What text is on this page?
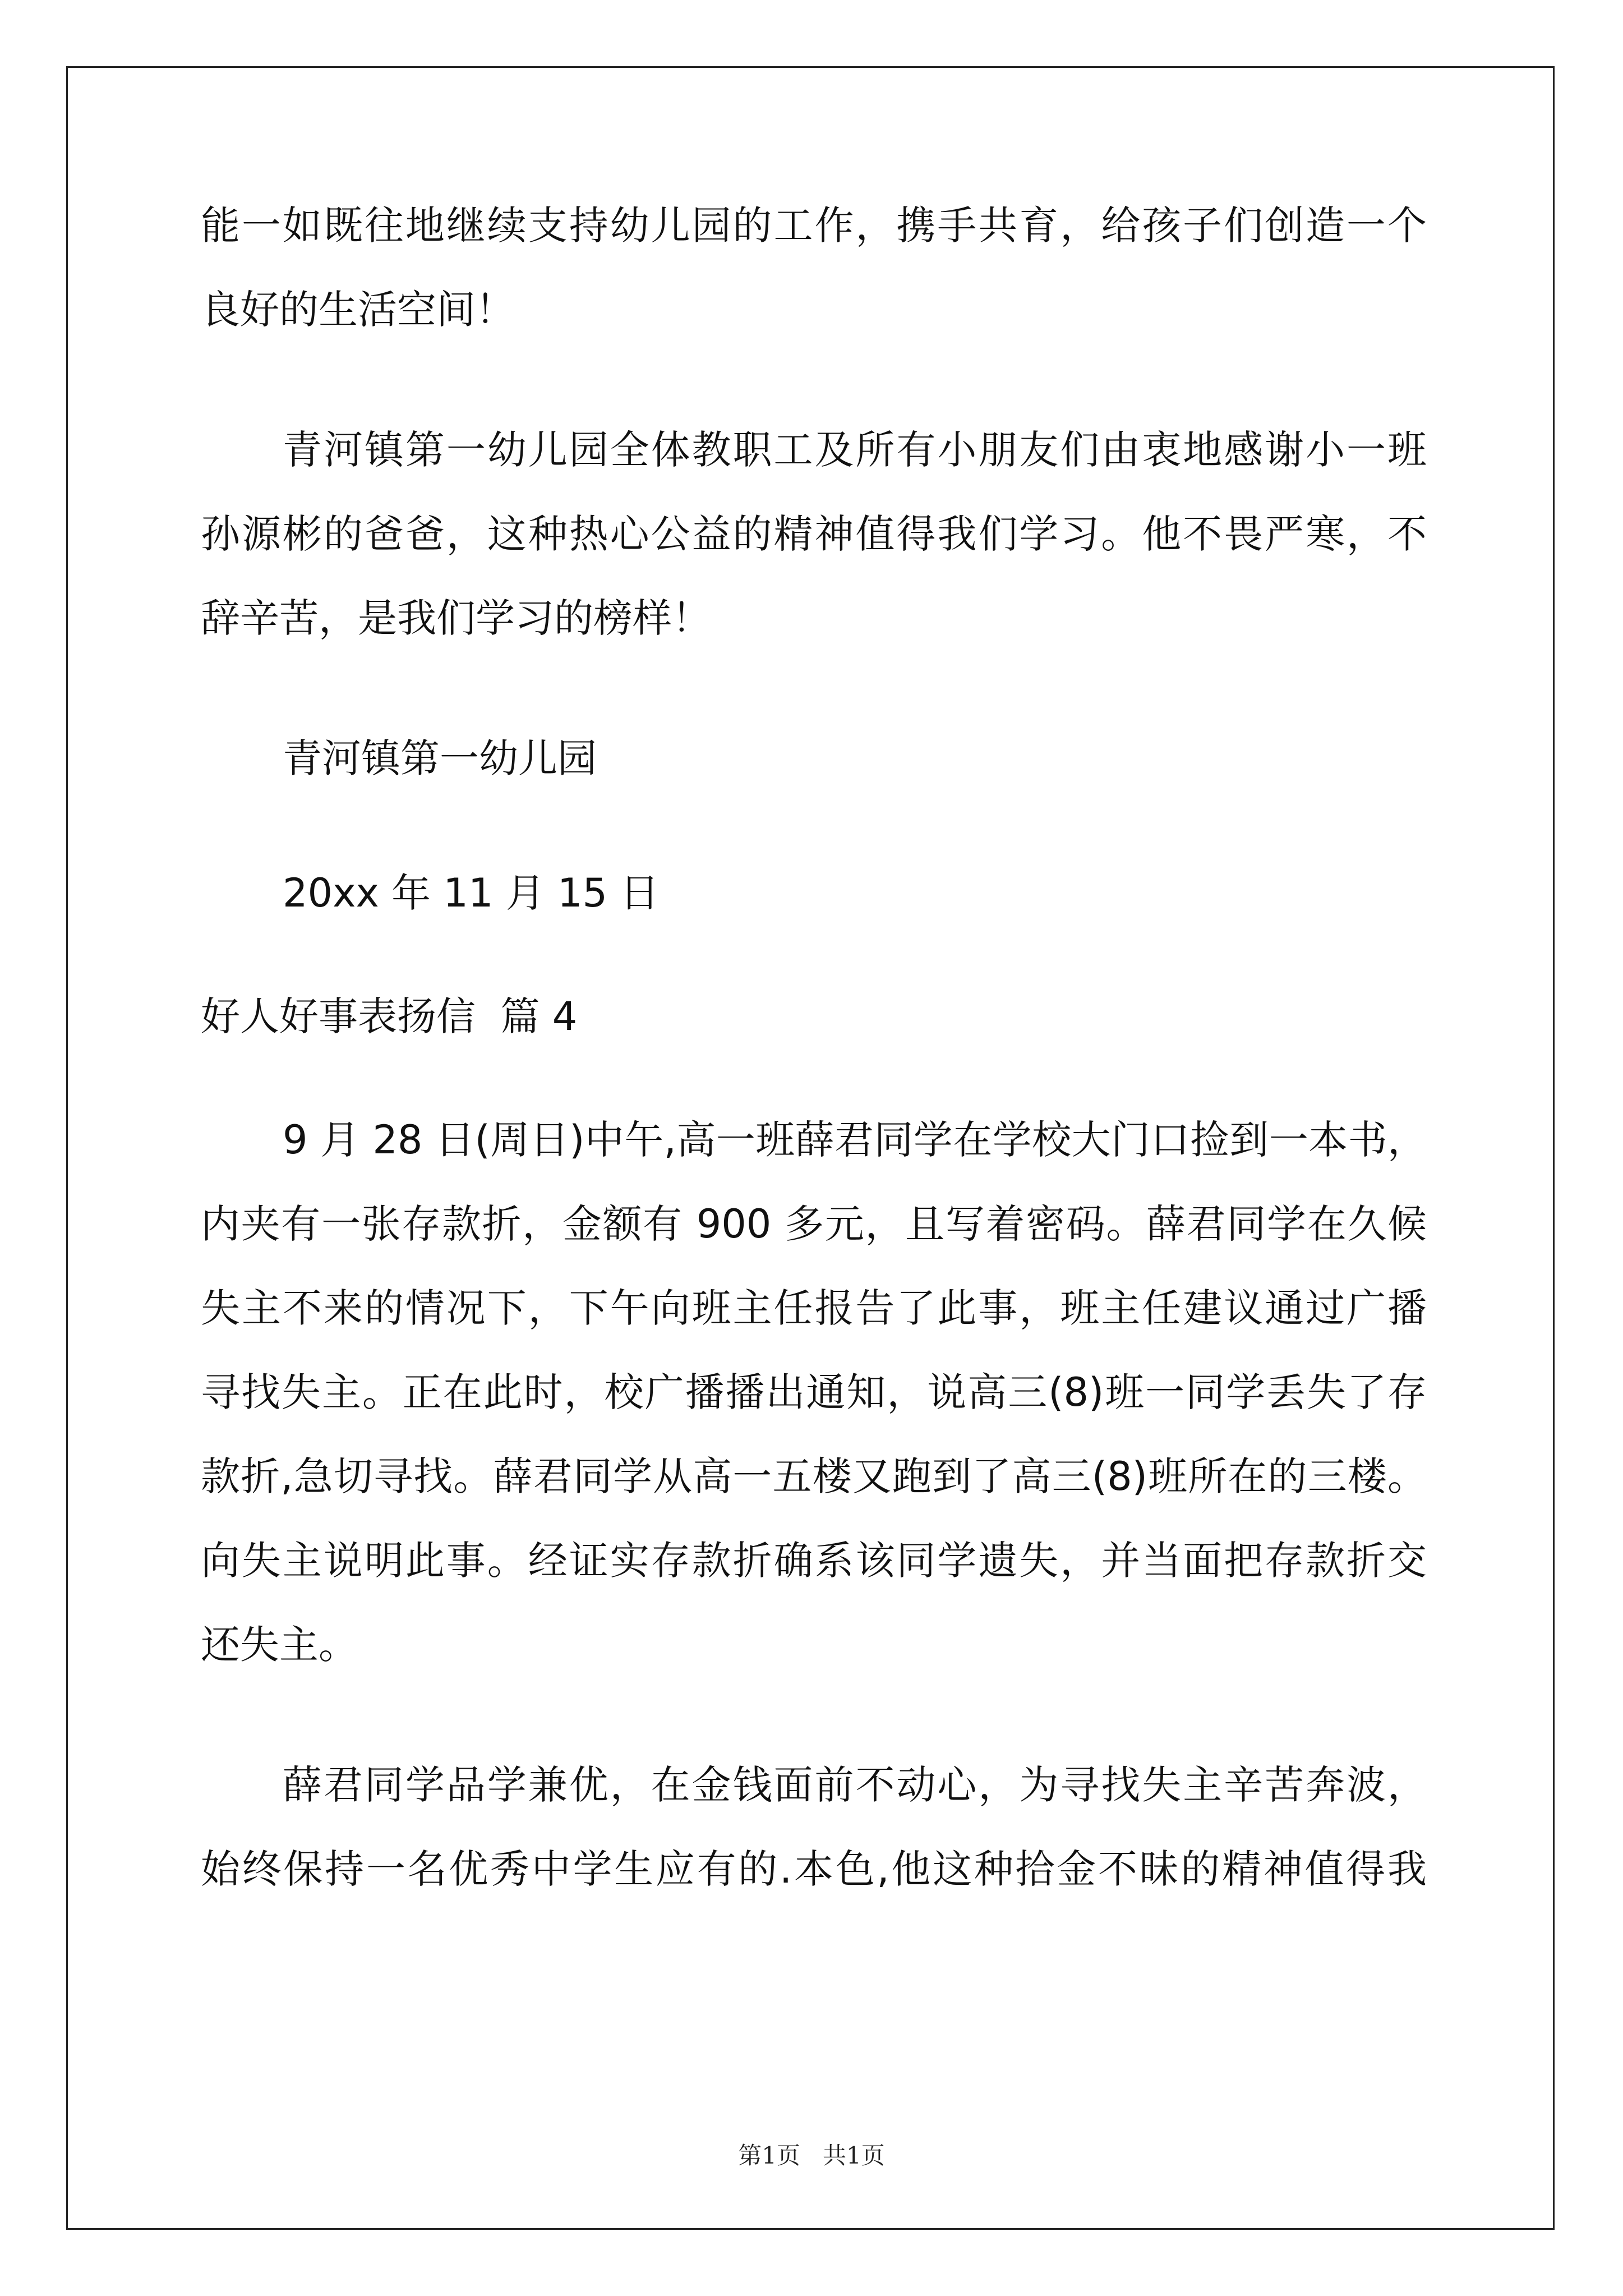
能一如既往地继续支持幼儿园的工作，携手共育，给孩子们创造一个
良好的生活空间！
青河镇第一幼儿园全体教职工及所有小朋友们由衷地感谢小一班
孙源彬的爸爸，这种热心公益的精神值得我们学习。他不畏严寒，不
辞辛苦，是我们学习的榜样！
青河镇第一幼儿园
20xx 年 11 月 15 日
好人好事表扬信  篇 4
9 月 28 日(周日)中午,高一班薛君同学在学校大门口捡到一本书，
内夹有一张存款折，金额有 900 多元，且写着密码。薛君同学在久候
失主不来的情况下，下午向班主任报告了此事，班主任建议通过广播
寻找失主。正在此时，校广播播出通知，说高三(8)班一同学丢失了存
款折,急切寻找。薛君同学从高一五楼又跑到了高三(8)班所在的三楼。
向失主说明此事。经证实存款折确系该同学遗失，并当面把存款折交
还失主。
薛君同学品学兼优，在金钱面前不动心，为寻找失主辛苦奔波，
始终保持一名优秀中学生应有的.本色,他这种拾金不昧的精神值得我
第1页   共1页
